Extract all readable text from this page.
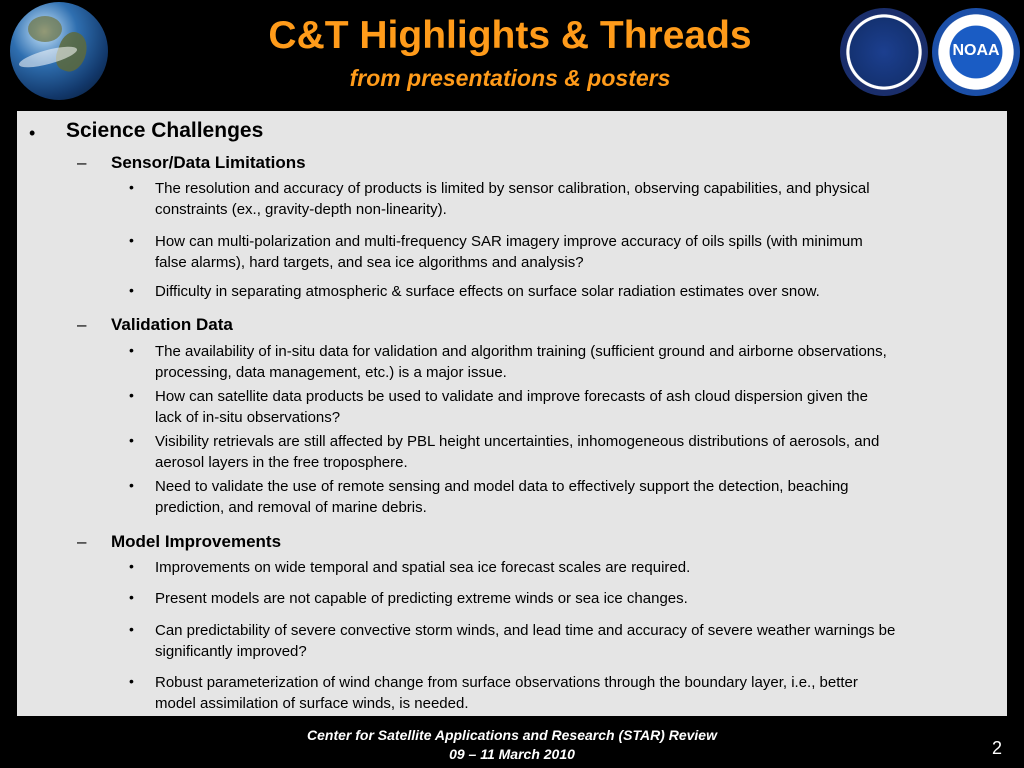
C&T Highlights & Threads
from presentations & posters
NOAA
• Science Challenges
– Sensor/Data Limitations
• The resolution and accuracy of products is limited by sensor calibration, observing capabilities, and physical
constraints (ex., gravity-depth non-linearity).
• How can multi-polarization and multi-frequency SAR imagery improve accuracy of oils spills (with minimum
false alarms), hard targets, and sea ice algorithms and analysis?
• Difficulty in separating atmospheric & surface effects on surface solar radiation estimates over snow.
– Validation Data
• The availability of in-situ data for validation and algorithm training (sufficient ground and airborne observations,
processing, data management, etc.) is a major issue.
• How can satellite data products be used to validate and improve forecasts of ash cloud dispersion given the
lack of in-situ observations?
• Visibility retrievals are still affected by PBL height uncertainties, inhomogeneous distributions of aerosols, and
aerosol layers in the free troposphere.
• Need to validate the use of remote sensing and model data to effectively support the detection, beaching
prediction, and removal of marine debris.
– Model Improvements
• Improvements on wide temporal and spatial sea ice forecast scales are required.
• Present models are not capable of predicting extreme winds or sea ice changes.
• Can predictability of severe convective storm winds, and lead time and accuracy of severe weather warnings be
significantly improved?
• Robust parameterization of wind change from surface observations through the boundary layer, i.e., better
model assimilation of surface winds, is needed.
Center for Satellite Applications and Research (STAR) Review
09 – 11 March 2010	2
